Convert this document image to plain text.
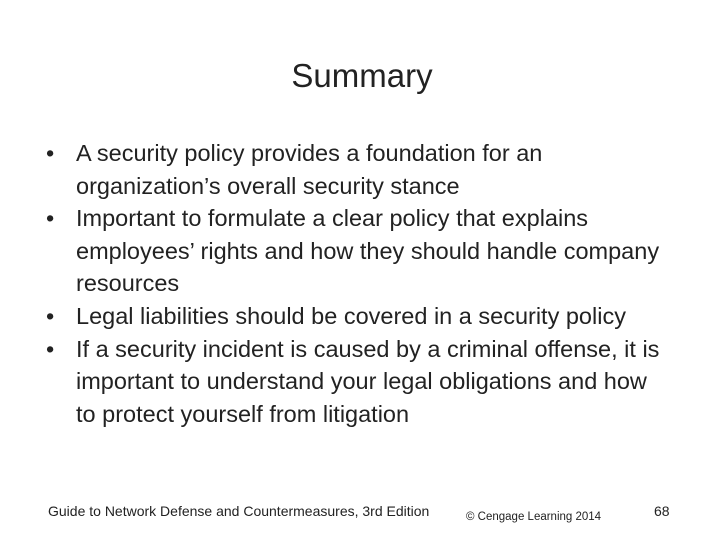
Summary
• A security policy provides a foundation for an organization’s overall security stance
• Important to formulate a clear policy that explains employees’ rights and how they should handle company resources
• Legal liabilities should be covered in a security policy
• If a security incident is caused by a criminal offense, it is important to understand your legal obligations and how to protect yourself from litigation
Guide to Network Defense and Countermeasures, 3rd Edition	© Cengage Learning 2014	68
